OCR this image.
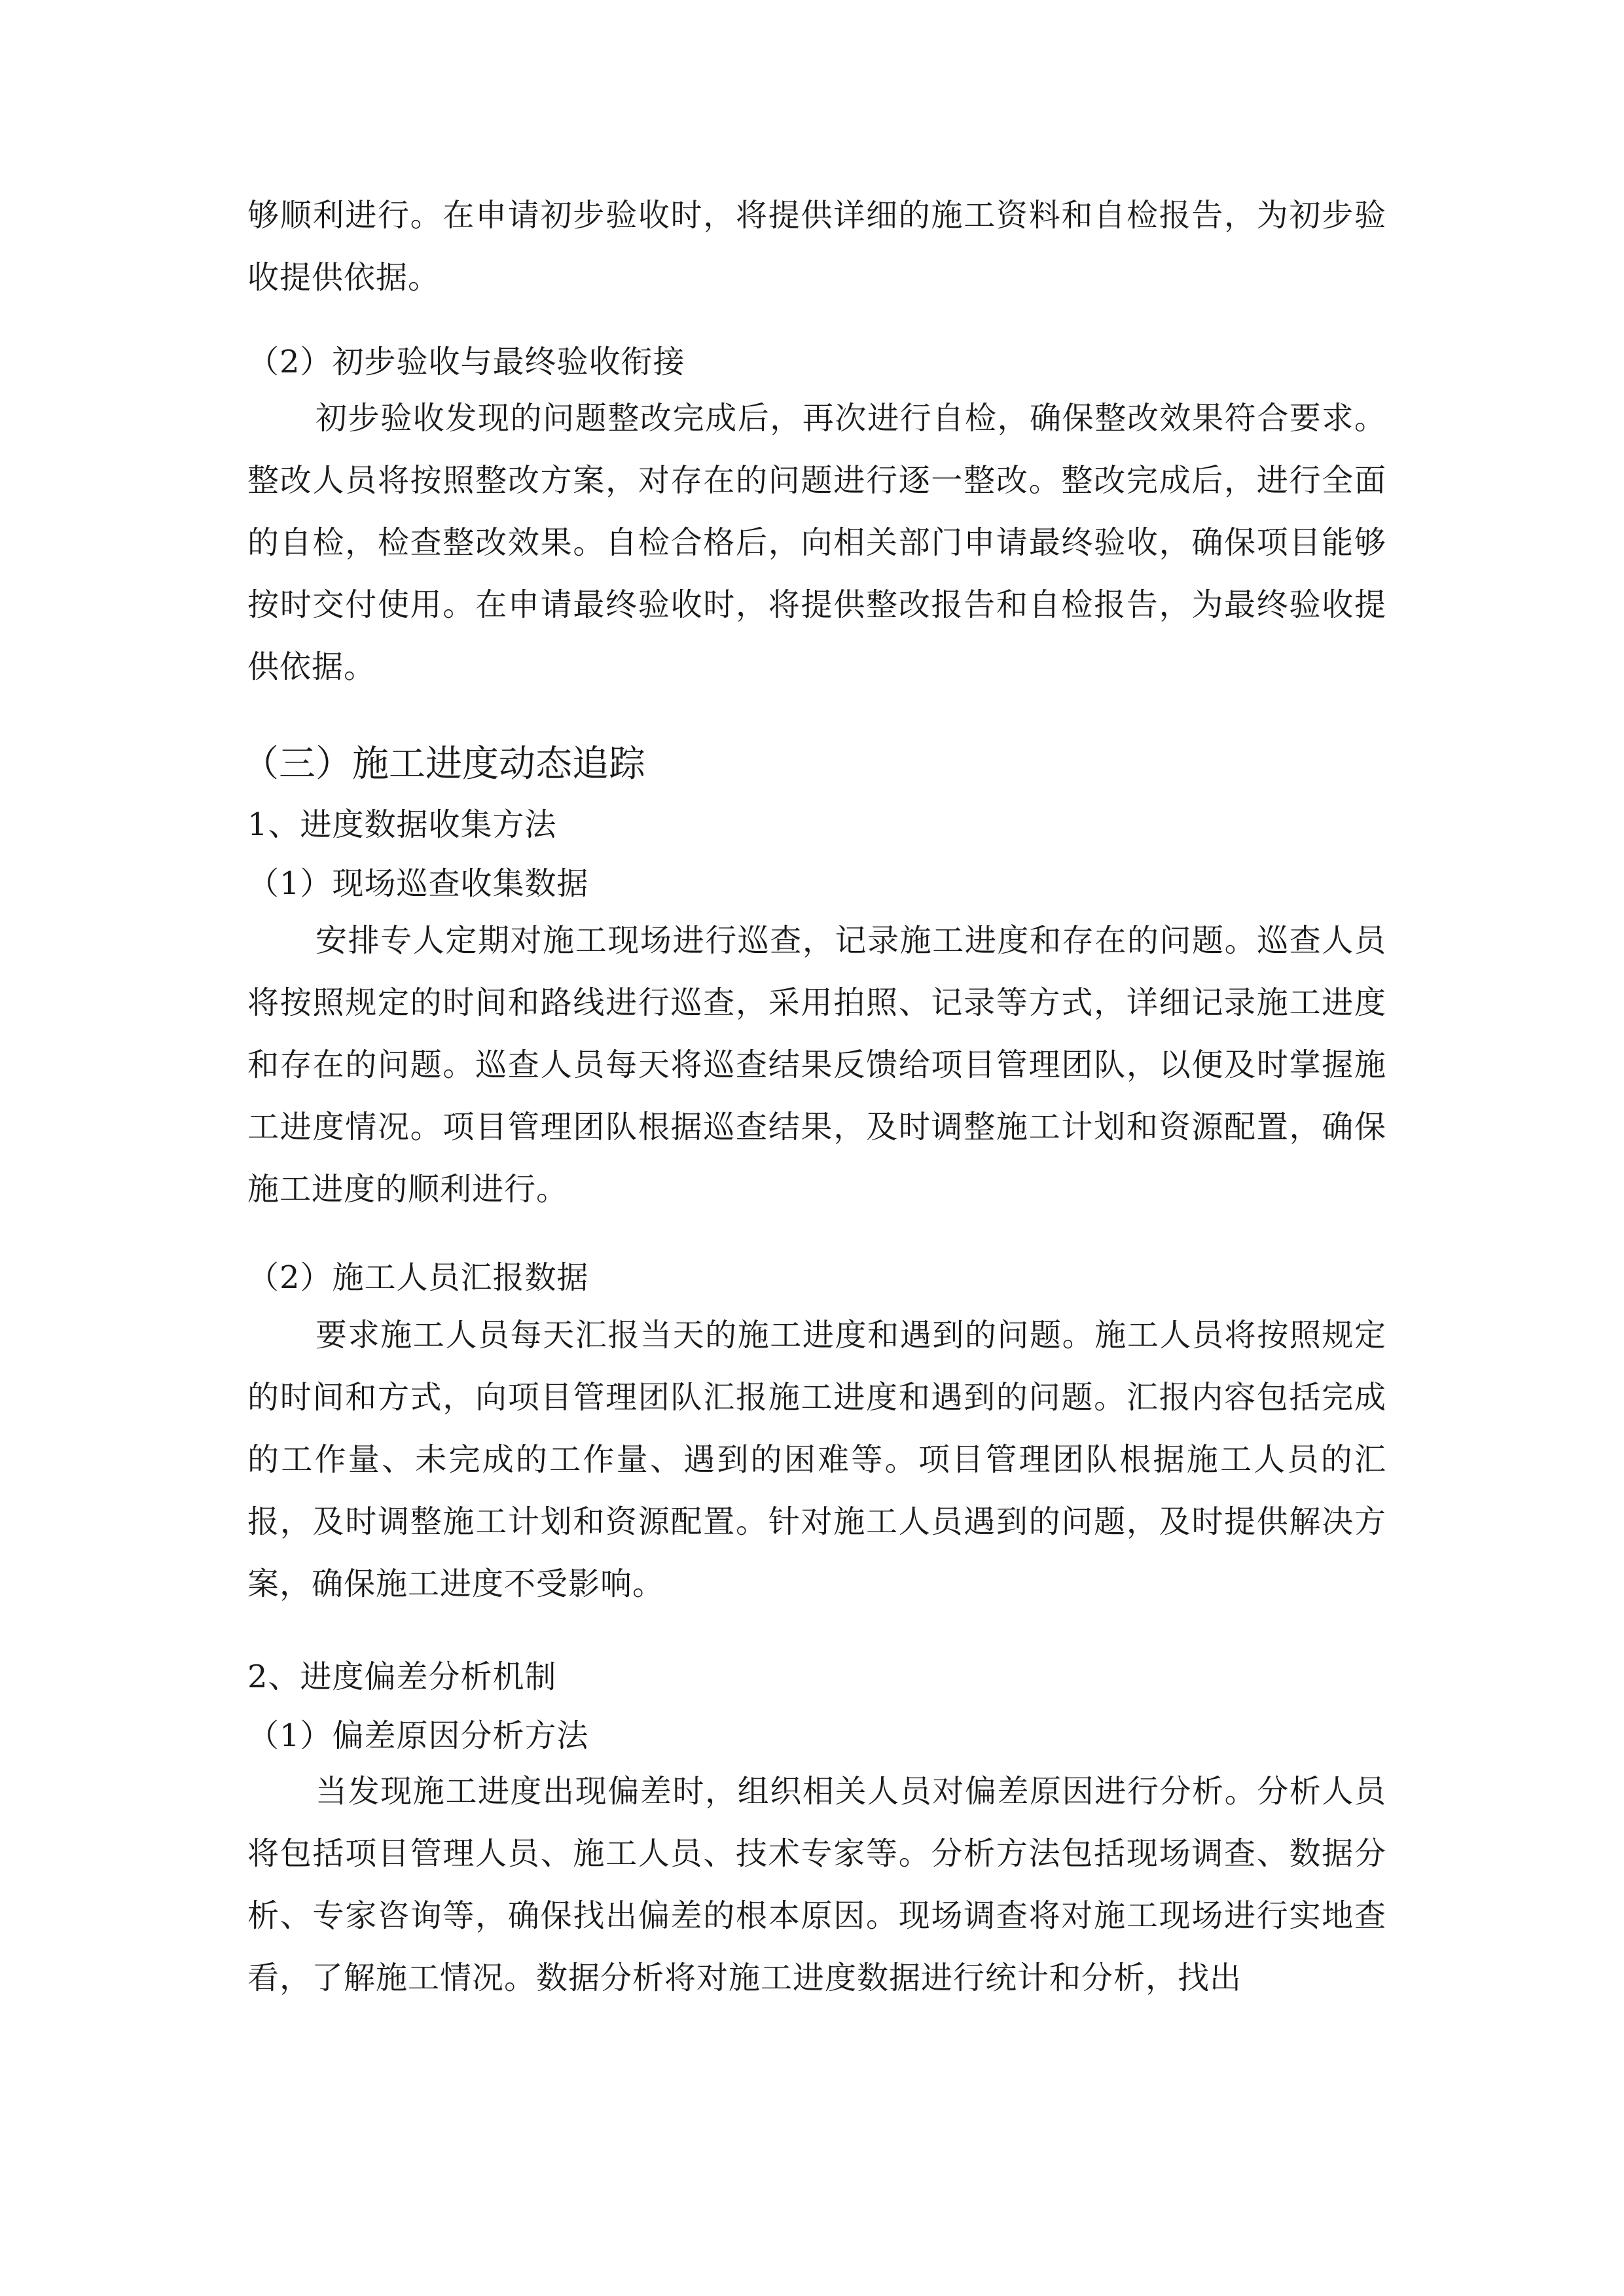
够顺利进行。在申请初步验收时，将提供详细的施工资料和自检报告，为初步验收提供依据。

（2）初步验收与最终验收衔接

初步验收发现的问题整改完成后，再次进行自检，确保整改效果符合要求。整改人员将按照整改方案，对存在的问题进行逐一整改。整改完成后，进行全面的自检，检查整改效果。自检合格后，向相关部门申请最终验收，确保项目能够按时交付使用。在申请最终验收时，将提供整改报告和自检报告，为最终验收提供依据。

（三）施工进度动态追踪

1、进度数据收集方法

（1）现场巡查收集数据

安排专人定期对施工现场进行巡查，记录施工进度和存在的问题。巡查人员将按照规定的时间和路线进行巡查，采用拍照、记录等方式，详细记录施工进度和存在的问题。巡查人员每天将巡查结果反馈给项目管理团队，以便及时掌握施工进度情况。项目管理团队根据巡查结果，及时调整施工计划和资源配置，确保施工进度的顺利进行。

（2）施工人员汇报数据

要求施工人员每天汇报当天的施工进度和遇到的问题。施工人员将按照规定的时间和方式，向项目管理团队汇报施工进度和遇到的问题。汇报内容包括完成的工作量、未完成的工作量、遇到的困难等。项目管理团队根据施工人员的汇报，及时调整施工计划和资源配置。针对施工人员遇到的问题，及时提供解决方案，确保施工进度不受影响。

2、进度偏差分析机制

（1）偏差原因分析方法

当发现施工进度出现偏差时，组织相关人员对偏差原因进行分析。分析人员将包括项目管理人员、施工人员、技术专家等。分析方法包括现场调查、数据分析、专家咨询等，确保找出偏差的根本原因。现场调查将对施工现场进行实地查看，了解施工情况。数据分析将对施工进度数据进行统计和分析，找出
